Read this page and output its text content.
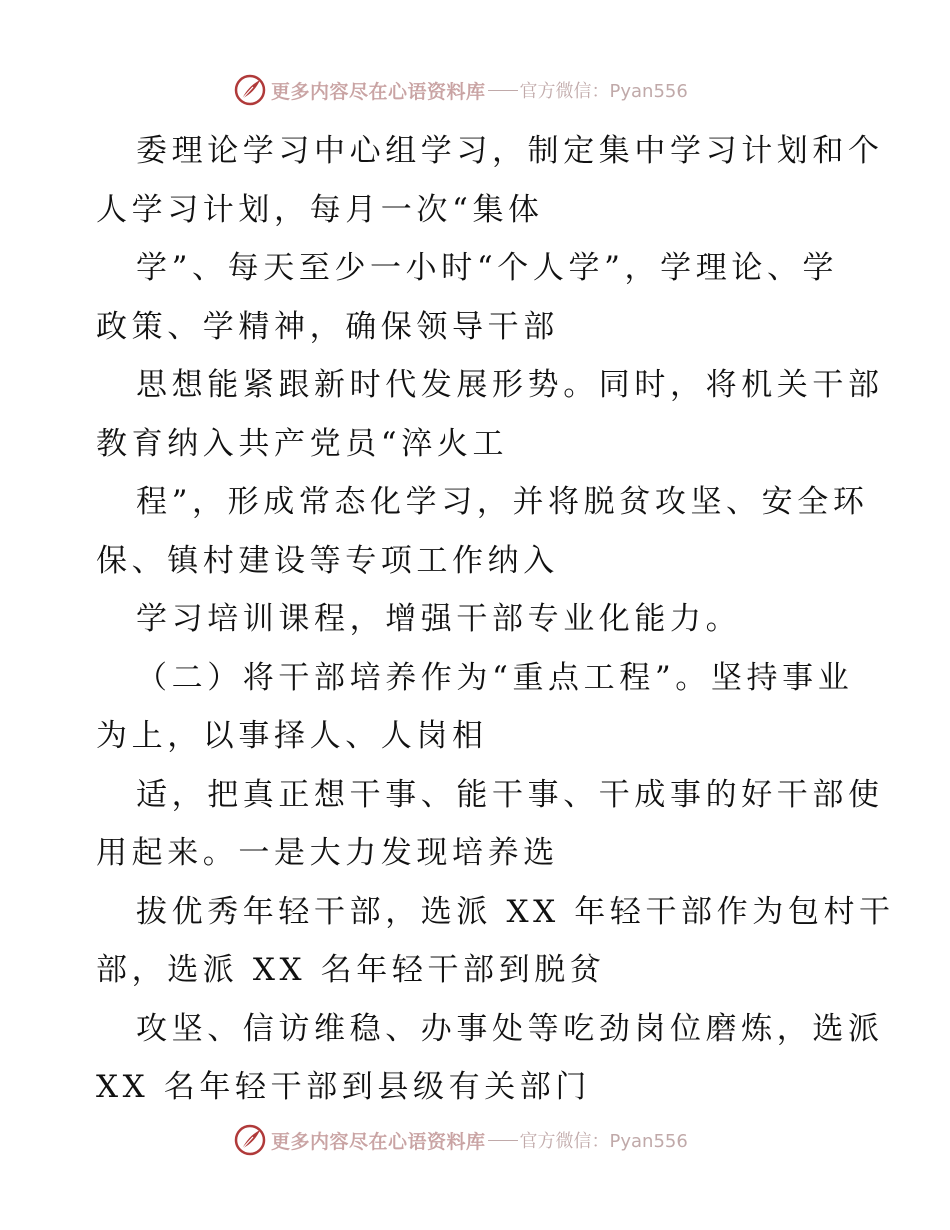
更多内容尽在心语资料库 官方微信：Pyan556
委理论学习中心组学习，制定集中学习计划和个
人学习计划，每月一次“集体
学”、每天至少一小时“个人学”，学理论、学
政策、学精神，确保领导干部
思想能紧跟新时代发展形势。同时，将机关干部
教育纳入共产党员“淬火工
程”，形成常态化学习，并将脱贫攻坚、安全环
保、镇村建设等专项工作纳入
学习培训课程，增强干部专业化能力。
（二）将干部培养作为“重点工程”。坚持事业
为上，以事择人、人岗相
适，把真正想干事、能干事、干成事的好干部使
用起来。一是大力发现培养选
拔优秀年轻干部，选派 XX 年轻干部作为包村干
部，选派 XX 名年轻干部到脱贫
攻坚、信访维稳、办事处等吃劲岗位磨炼，选派
XX 名年轻干部到县级有关部门
更多内容尽在心语资料库 官方微信：Pyan556
